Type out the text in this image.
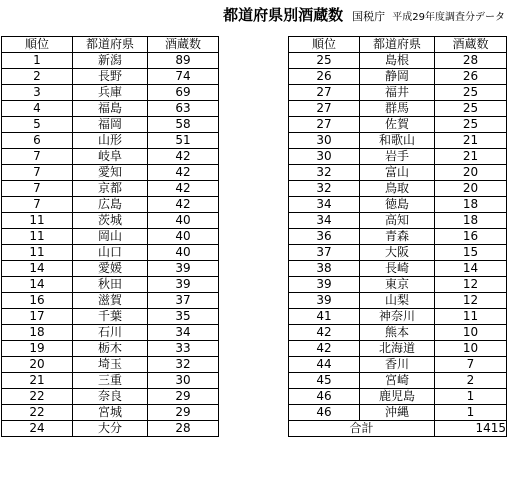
都道府県別酒蔵数 国税庁 平成29年度調査分データ
順位	都道府県	酒蔵数
1	新潟	89
2	長野	74
3	兵庫	69
4	福島	63
5	福岡	58
6	山形	51
7	岐阜	42
7	愛知	42
7	京都	42
7	広島	42
11	茨城	40
11	岡山	40
11	山口	40
14	愛媛	39
14	秋田	39
16	滋賀	37
17	千葉	35
18	石川	34
19	栃木	33
20	埼玉	32
21	三重	30
22	奈良	29
22	宮城	29
24	大分	28
順位	都道府県	酒蔵数
25	島根	28
26	静岡	26
27	福井	25
27	群馬	25
27	佐賀	25
30	和歌山	21
30	岩手	21
32	富山	20
32	鳥取	20
34	徳島	18
34	高知	18
36	青森	16
37	大阪	15
38	長崎	14
39	東京	12
39	山梨	12
41	神奈川	11
42	熊本	10
42	北海道	10
44	香川	7
45	宮崎	2
46	鹿児島	1
46	沖縄	1
合計		1415
